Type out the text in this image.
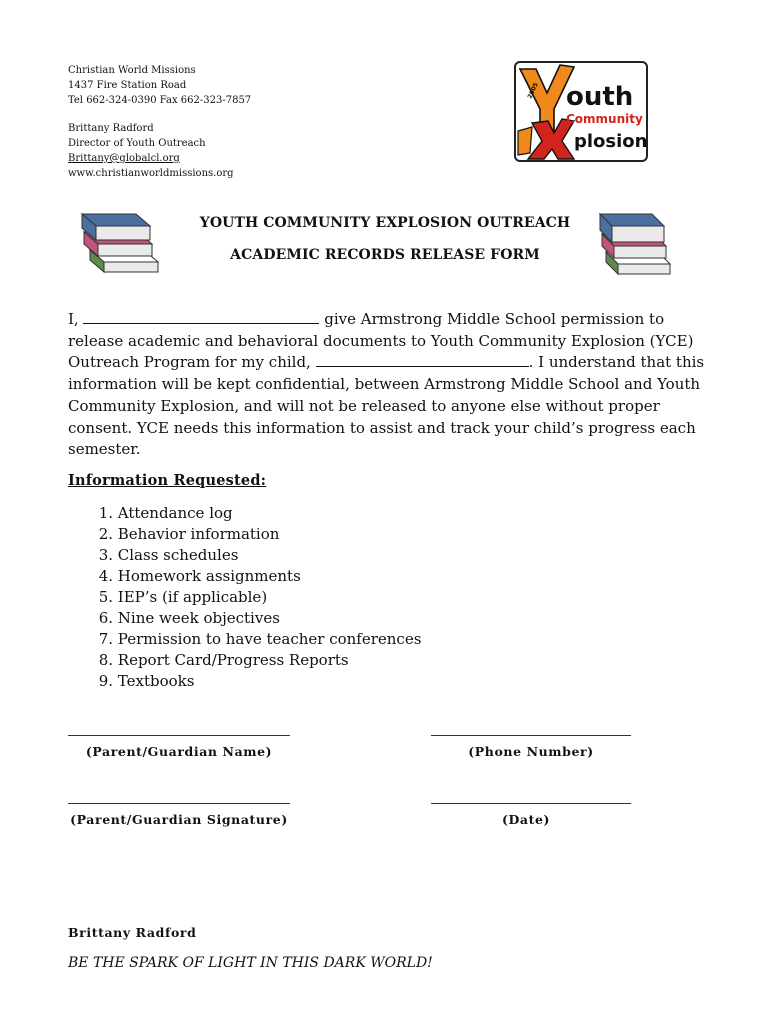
Christian World Missions
1437 Fire Station Road
Tel 662-324-0390 Fax 662-323-7857
Brittany Radford
Director of Youth Outreach
Brittany@globalcl.org
www.christianworldmissions.org
2005 outh
Community
plosion
YOUTH COMMUNITY EXPLOSION OUTREACH
ACADEMIC RECORDS RELEASE FORM
I,	give Armstrong Middle School permission to release academic and behavioral documents to Youth Community Explosion (YCE) Outreach Program for my child,	. I understand that this information will be kept confidential, between Armstrong Middle School and Youth Community Explosion, and will not be released to anyone else without proper consent. YCE needs this information to assist and track your child’s progress each semester.
Information Requested:
1. Attendance log
2. Behavior information
3. Class schedules
4. Homework assignments
5. IEP’s (if applicable)
6. Nine week objectives
7. Permission to have teacher conferences
8. Report Card/Progress Reports
9. Textbooks
(Parent/Guardian Name)	(Phone Number)
(Parent/Guardian Signature)	(Date)
Brittany Radford
BE THE SPARK OF LIGHT IN THIS DARK WORLD!
